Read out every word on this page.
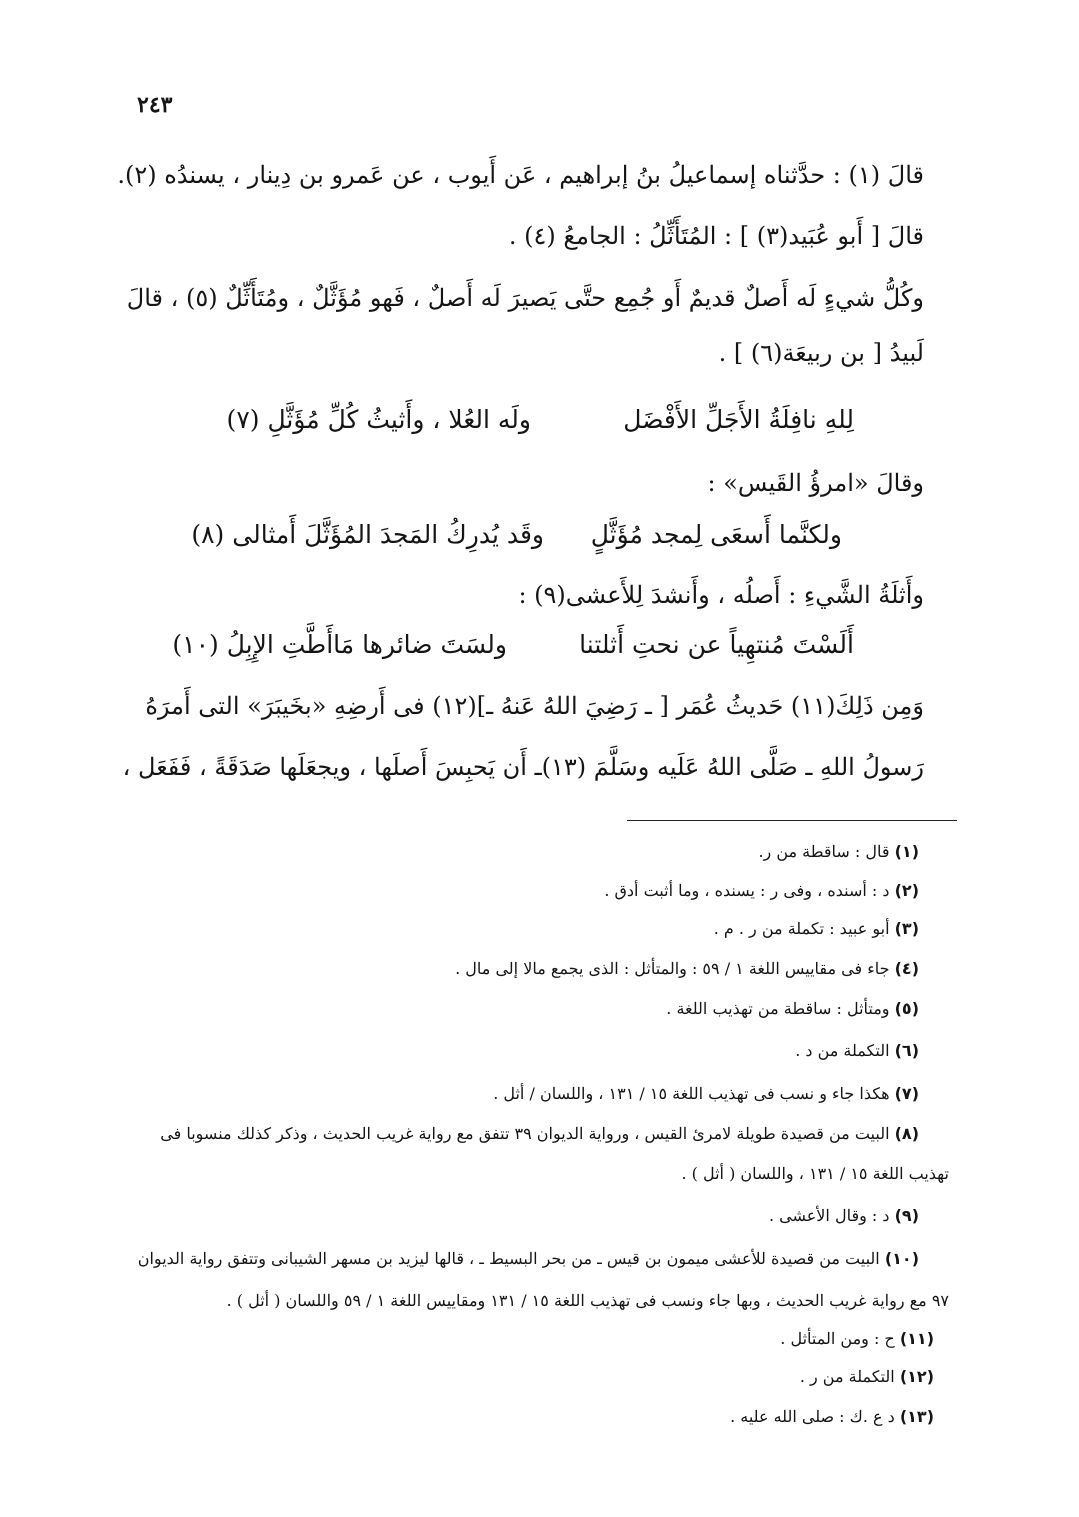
٢٤٣

قالَ (١) : حدَّثناه إسماعيلُ بنُ إبراهيم ، عَن أَيوب ، عن عَمرو بن دِينار ، يسندُه (٢).

قالَ [ أَبو عُبَيد(٣) ] : المُتَأَثِّلُ : الجامعُ (٤) .

وكُلُّ شيءٍ لَه أَصلٌ قديمٌ أَو جُمِع حتَّى يَصيرَ لَه أَصلٌ ، فَهو مُؤَثَّلٌ ، ومُتَأَثِّلٌ (٥) ، قالَ

لَبيدُ [ بن ربيعَة(٦) ] .

لِلهِ نافِلَةُ الأَجَلِّ الأَفْضَل
ولَه العُلا ، وأَثيثُ كُلِّ مُؤَثَّلِ (٧)

وقالَ «امرؤُ القَيس» :

ولكنَّما أَسعَى لِمجد مُؤَثَّلٍ
وقَد يُدرِكُ المَجدَ المُؤَثَّلَ أَمثالى (٨)

وأَثلَةُ الشَّيءِ : أَصلُه ، وأَنشدَ لِلأَعشى(٩) :

أَلَسْتَ مُنتهِياً عن نحتِ أَثلتنا
ولسَتَ ضائرها مَاأَطَّتِ الإِبِلُ (١٠)

وَمِن ذَلِكَ(١١) حَديثُ عُمَر [ ـ رَضِيَ اللهُ عَنهُ ـ](١٢) فى أَرضِهِ «بخَيبَرَ» التى أَمرَهُ

رَسولُ اللهِ ـ صَلَّى اللهُ عَلَيه وسَلَّمَ (١٣)ـ أَن يَحبِسَ أَصلَها ، ويجعَلَها صَدَقَةً ، فَفَعَل ،

(١) قال : ساقطة من ر.

(٢) د : أسنده ، وفى ر : يسنده ، وما أثبت أدق .

(٣) أبو عبيد : تكملة من ر . م .

(٤) جاء فى مقاييس اللغة ١ / ٥٩ : والمتأثل : الذى يجمع مالا إلى مال .

(٥) ومتأثل : ساقطة من تهذيب اللغة .

(٦) التكملة من د .

(٧) هكذا جاء و نسب فى تهذيب اللغة ١٥ / ١٣١ ، واللسان / أثل .

(٨) البيت من قصيدة طويلة لامرئ القيس ، ورواية الديوان ٣٩ تتفق مع رواية غريب الحديث ، وذكر كذلك منسوبا فى

تهذيب اللغة ١٥ / ١٣١ ، واللسان ( أثل ) .

(٩) د : وقال الأعشى .

(١٠) البيت من قصيدة للأعشى ميمون بن قيس ـ من بحر البسيط ـ ، قالها ليزيد بن مسهر الشيبانى وتتفق رواية الديوان

٩٧ مع رواية غريب الحديث ، وبها جاء ونسب فى تهذيب اللغة ١٥ / ١٣١ ومقاييس اللغة ١ / ٥٩ واللسان ( أثل ) .

(١١) ح : ومن المتأثل .

(١٢) التكملة من ر .

(١٣) د ع .ك : صلى الله عليه .
